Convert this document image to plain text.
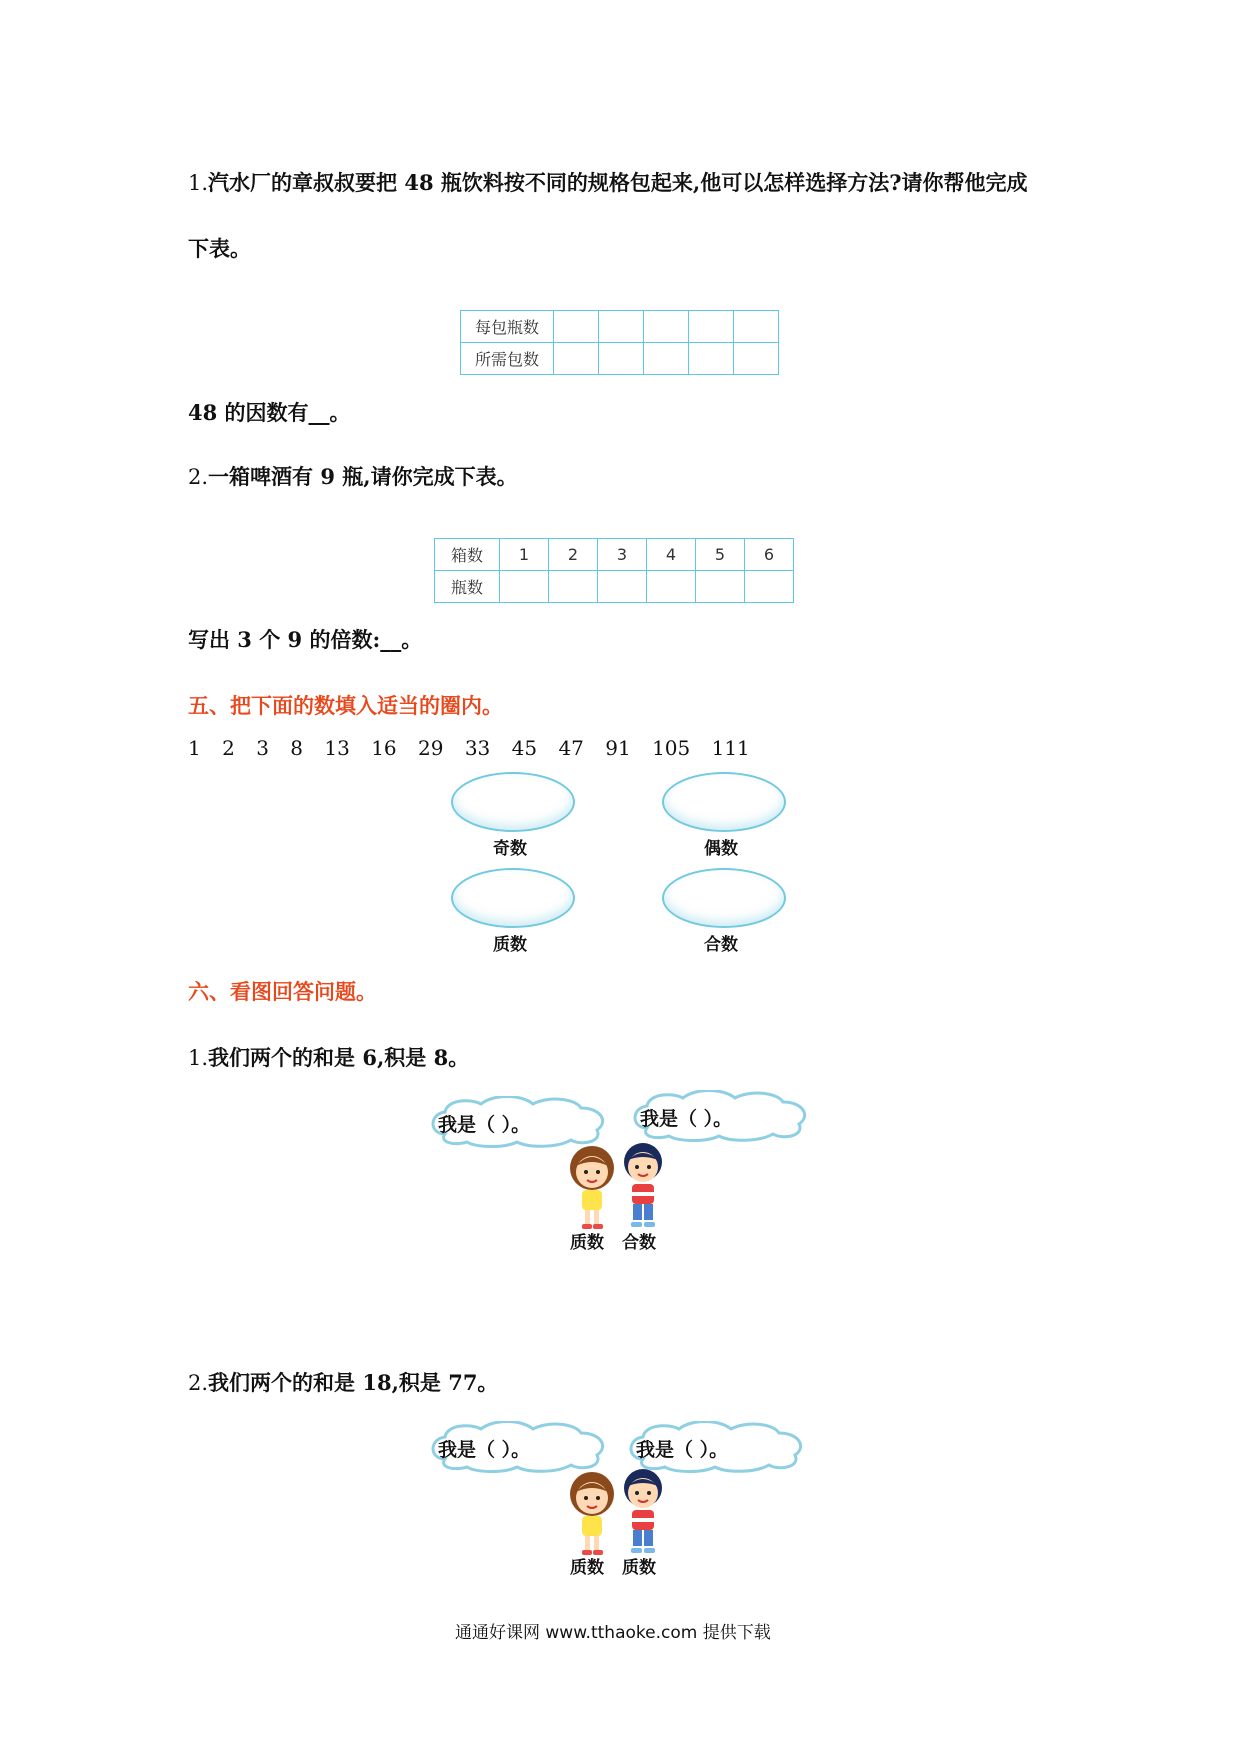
1.汽水厂的章叔叔要把 48 瓶饮料按不同的规格包起来,他可以怎样选择方法?请你帮他完成
下表。
每包瓶数					
所需包数					
48 的因数有__。
2.一箱啤酒有 9 瓶,请你完成下表。
箱数	1	2	3	4	5	6
瓶数						
写出 3 个 9 的倍数:__。
五、把下面的数填入适当的圈内。
1 2 3 8 13 16 29 33 45 47 91 105 111
奇数	偶数
质数	合数
六、看图回答问题。
1.我们两个的和是 6,积是 8。
我是（ ）。	我是（ ）。
质数 合数
2.我们两个的和是 18,积是 77。
我是（ ）。	我是（ ）。
质数 质数
通通好课网 www.tthaoke.com 提供下载
